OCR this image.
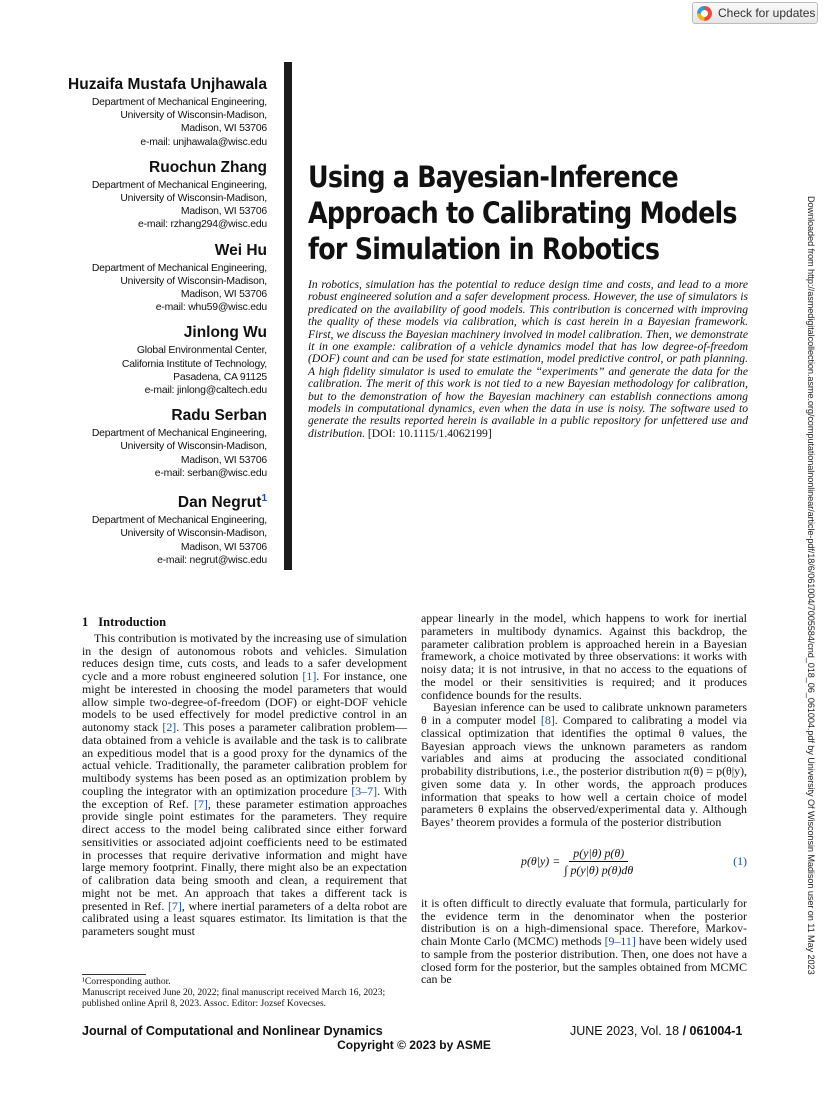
Check for updates
Huzaifa Mustafa Unjhawala
Department of Mechanical Engineering,
University of Wisconsin-Madison,
Madison, WI 53706
e-mail: unjhawala@wisc.edu
Ruochun Zhang
Department of Mechanical Engineering,
University of Wisconsin-Madison,
Madison, WI 53706
e-mail: rzhang294@wisc.edu
Wei Hu
Department of Mechanical Engineering,
University of Wisconsin-Madison,
Madison, WI 53706
e-mail: whu59@wisc.edu
Jinlong Wu
Global Environmental Center,
California Institute of Technology,
Pasadena, CA 91125
e-mail: jinlong@caltech.edu
Radu Serban
Department of Mechanical Engineering,
University of Wisconsin-Madison,
Madison, WI 53706
e-mail: serban@wisc.edu
Dan Negrut$^1$
Department of Mechanical Engineering,
University of Wisconsin-Madison,
Madison, WI 53706
e-mail: negrut@wisc.edu
Using a Bayesian-Inference
Approach to Calibrating Models
for Simulation in Robotics
In robotics, simulation has the potential to reduce design time and costs, and lead to a more robust engineered solution and a safer development process. However, the use of simulators is predicated on the availability of good models. This contribution is concerned with improving the quality of these models via calibration, which is cast herein in a Bayesian framework. First, we discuss the Bayesian machinery involved in model calibration. Then, we demonstrate it in one example: calibration of a vehicle dynamics model that has low degree-of-freedom (DOF) count and can be used for state estimation, model predictive control, or path planning. A high fidelity simulator is used to emulate the “experiments” and generate the data for the calibration. The merit of this work is not tied to a new Bayesian methodology for calibration, but to the demonstration of how the Bayesian machinery can establish connections among models in computational dynamics, even when the data in use is noisy. The software used to generate the results reported herein is available in a public repository for unfettered use and distribution. [DOI: 10.1115/1.4062199]	Downloaded from http://asmedigitalcollection.asme.org/computationalnonlinear/article-pdf/18/6/061004/7005584/cnd_018_06_061004.pdf by University Of Wisconsin Madison user on 11 May 2023
1 Introduction

This contribution is motivated by the increasing use of simulation in the design of autonomous robots and vehicles. Simulation reduces design time, cuts costs, and leads to a safer development cycle and a more robust engineered solution [1]. For instance, one might be interested in choosing the model parameters that would allow simple two-degree-of-freedom (DOF) or eight-DOF vehicle models to be used effectively for model predictive control in an autonomy stack [2]. This poses a parameter calibration problem—data obtained from a vehicle is available and the task is to calibrate an expeditious model that is a good proxy for the dynamics of the actual vehicle. Traditionally, the parameter calibration problem for multibody systems has been posed as an optimization problem by coupling the integrator with an optimization procedure [3–7]. With the exception of Ref. [7], these parameter estimation approaches provide single point estimates for the parameters. They require direct access to the model being calibrated since either forward sensitivities or associated adjoint coefficients need to be estimated in processes that require derivative information and might have large memory footprint. Finally, there might also be an expectation of calibration data being smooth and clean, a requirement that might not be met. An approach that takes a different tack is presented in Ref. [7], where inertial parameters of a delta robot are calibrated using a least squares estimator. Its limitation is that the parameters sought must

¹Corresponding author.

Manuscript received June 20, 2022; final manuscript received March 16, 2023; published online April 8, 2023. Assoc. Editor: Jozsef Kovecses.

appear linearly in the model, which happens to work for inertial parameters in multibody dynamics. Against this backdrop, the parameter calibration problem is approached herein in a Bayesian framework, a choice motivated by three observations: it works with noisy data; it is not intrusive, in that no access to the equations of the model or their sensitivities is required; and it produces confidence bounds for the results.

Bayesian inference can be used to calibrate unknown parameters θ in a computer model [8]. Compared to calibrating a model via classical optimization that identifies the optimal θ values, the Bayesian approach views the unknown parameters as random variables and aims at producing the associated conditional probability distributions, i.e., the posterior distribution π(θ) = p(θ|y), given some data y. In other words, the approach produces information that speaks to how well a certain choice of model parameters θ explains the observed/experimental data y. Although Bayes’ theorem provides a formula of the posterior distribution

$p(\theta|y) = \frac{p(y|\theta) p(\theta)}{\int p(y|\theta) p(\theta)d\theta}$	(1)

it is often difficult to directly evaluate that formula, particularly for the evidence term in the denominator when the posterior distribution is on a high-dimensional space. Therefore, Markov-chain Monte Carlo (MCMC) methods [9–11] have been widely used to sample from the posterior distribution. Then, one does not have a closed form for the posterior, but the samples obtained from MCMC can be

Journal of Computational and Nonlinear Dynamics	JUNE 2023, Vol. 18 / 061004-1
Copyright © 2023 by ASME
